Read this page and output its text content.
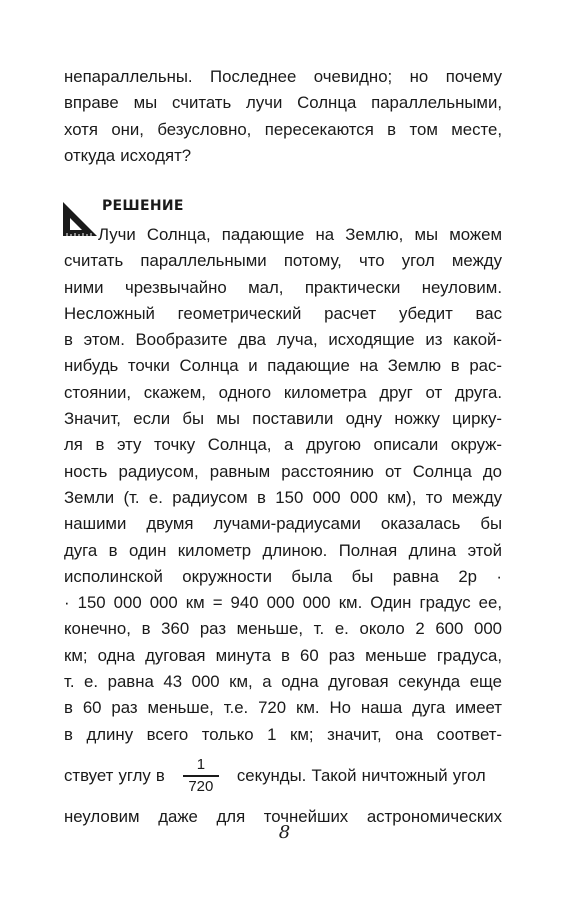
непараллельны. Последнее очевидно; но почему
вправе мы считать лучи Солнца параллельными,
хотя они, безусловно, пересекаются в том месте,
откуда исходят?
РЕШЕНИЕ
Лучи Солнца, падающие на Землю, мы можем
считать параллельными потому, что угол между
ними чрезвычайно мал, практически неуловим.
Несложный геометрический расчет убедит вас
в этом. Вообразите два луча, исходящие из какой-
нибудь точки Солнца и падающие на Землю в рас-
стоянии, скажем, одного километра друг от друга.
Значит, если бы мы поставили одну ножку цирку-
ля в эту точку Солнца, а другою описали окруж-
ность радиусом, равным расстоянию от Солнца до
Земли (т. е. радиусом в 150 000 000 км), то между
нашими двумя лучами-радиусами оказалась бы
дуга в один километр длиною. Полная длина этой
исполинской окружности была бы равна 2р ·
· 150 000 000 км = 940 000 000 км. Один градус ее,
конечно, в 360 раз меньше, т. е. около 2 600 000
км; одна дуговая минута в 60 раз меньше градуса,
т. е. равна 43 000 км, а одна дуговая секунда еще
в 60 раз меньше, т.е. 720 км. Но наша дуга имеет
в длину всего только 1 км; значит, она соответ-
ствует углу в $\frac{1}{720}$ секунды. Такой ничтожный угол
неуловим даже для точнейших астрономических
8
